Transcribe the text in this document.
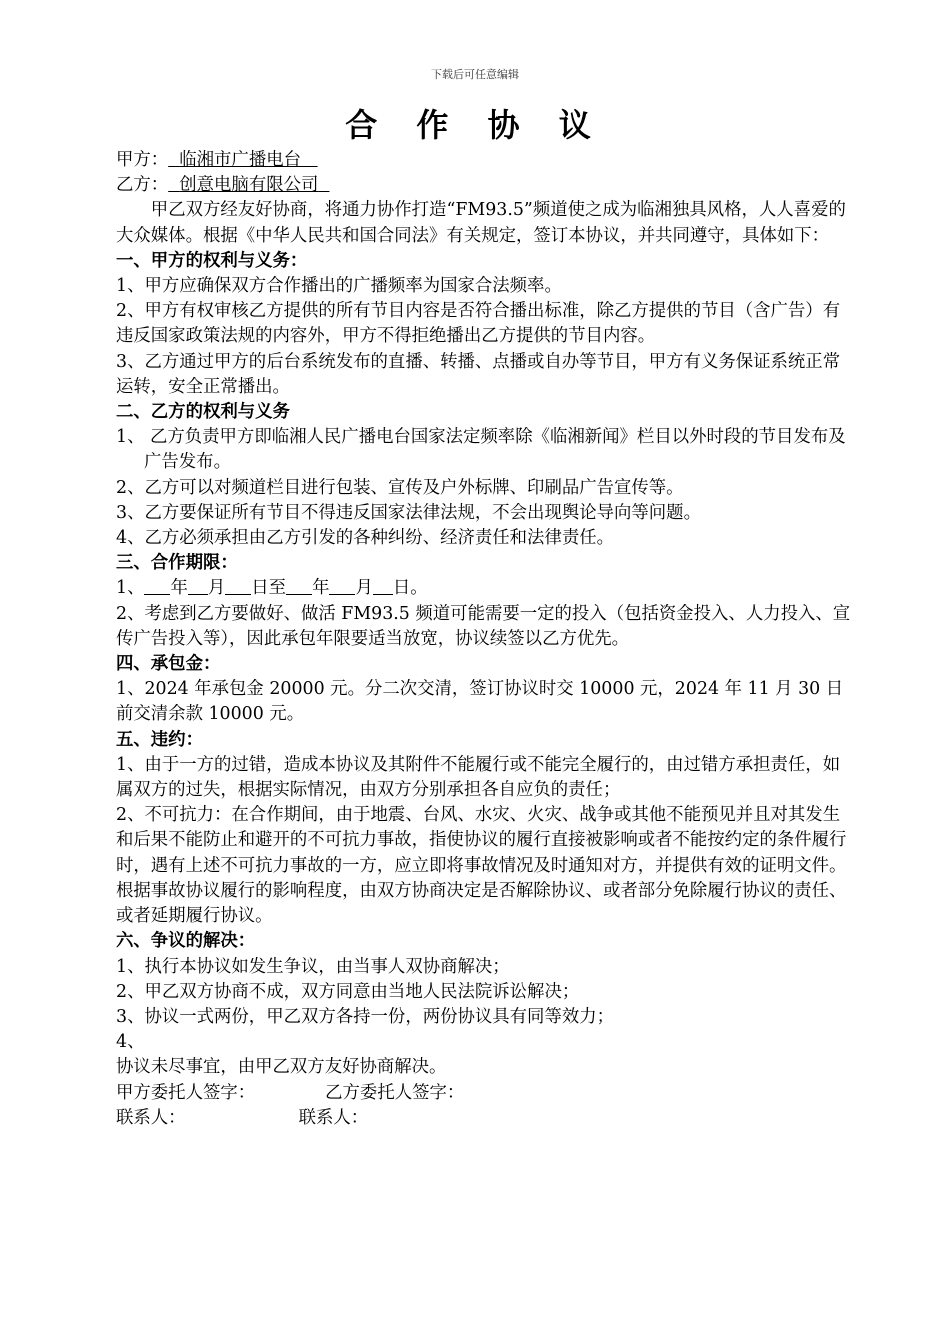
下载后可任意编辑
合 作 协 议

甲方： 临湘市广播电台

乙方： 创意电脑有限公司

甲乙双方经友好协商，将通力协作打造“FM93.5”频道使之成为临湘独具风格，人人喜爱的大众媒体。根据《中华人民共和国合同法》有关规定，签订本协议，并共同遵守，具体如下：

一、甲方的权利与义务：

1、甲方应确保双方合作播出的广播频率为国家合法频率。

2、甲方有权审核乙方提供的所有节目内容是否符合播出标准，除乙方提供的节目（含广告）有违反国家政策法规的内容外，甲方不得拒绝播出乙方提供的节目内容。

3、乙方通过甲方的后台系统发布的直播、转播、点播或自办等节目，甲方有义务保证系统正常运转，安全正常播出。

二、乙方的权利与义务

1、 乙方负责甲方即临湘人民广播电台国家法定频率除《临湘新闻》栏目以外时段的节目发布及广告发布。

2、乙方可以对频道栏目进行包装、宣传及户外标牌、印刷品广告宣传等。

3、乙方要保证所有节目不得违反国家法律法规，不会出现舆论导向等问题。

4、乙方必须承担由乙方引发的各种纠纷、经济责任和法律责任。

三、合作期限：

1、 年 月 日至 年 月 日。

2、考虑到乙方要做好、做活 FM93.5 频道可能需要一定的投入（包括资金投入、人力投入、宣传广告投入等），因此承包年限要适当放宽，协议续签以乙方优先。

四、承包金：

1、2024 年承包金 20000 元。分二次交清，签订协议时交 10000 元，2024 年 11 月 30 日前交清余款 10000 元。

五、违约：

1、由于一方的过错，造成本协议及其附件不能履行或不能完全履行的，由过错方承担责任，如属双方的过失，根据实际情况，由双方分别承担各自应负的责任；

2、不可抗力：在合作期间，由于地震、台风、水灾、火灾、战争或其他不能预见并且对其发生和后果不能防止和避开的不可抗力事故，指使协议的履行直接被影响或者不能按约定的条件履行时，遇有上述不可抗力事故的一方，应立即将事故情况及时通知对方，并提供有效的证明文件。根据事故协议履行的影响程度，由双方协商决定是否解除协议、或者部分免除履行协议的责任、或者延期履行协议。

六、争议的解决：

1、执行本协议如发生争议，由当事人双协商解决；

2、甲乙双方协商不成，双方同意由当地人民法院诉讼解决；

3、协议一式两份，甲乙双方各持一份，两份协议具有同等效力；

4、

协议未尽事宜，由甲乙双方友好协商解决。

甲方委托人签字：	乙方委托人签字：

联系人：	联系人：
